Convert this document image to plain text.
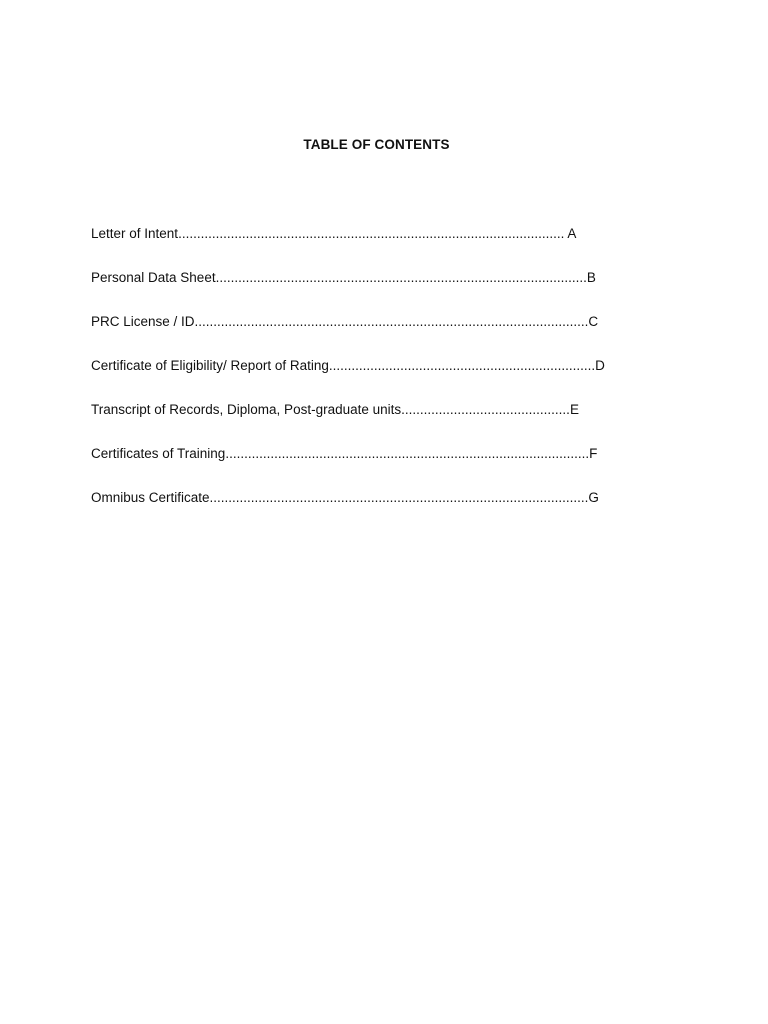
TABLE OF CONTENTS
Letter of Intent....................................................................................................... A
Personal Data Sheet...................................................................................................B
PRC License / ID.........................................................................................................C
Certificate of Eligibility/ Report of Rating.......................................................................D
Transcript of Records, Diploma, Post-graduate units.............................................E
Certificates of Training.................................................................................................F
Omnibus Certificate.....................................................................................................G
